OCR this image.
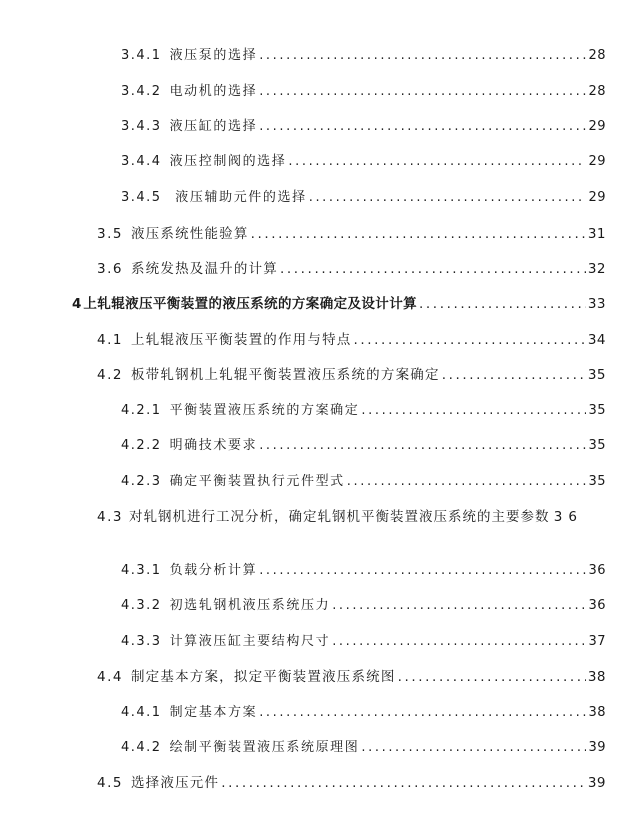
3.4.1 液压泵的选择 .....	28
3.4.2 电动机的选择 .....	28
3.4.3 液压缸的选择 .....	29
3.4.4 液压控制阀的选择 .....	29
3.4.5 液压辅助元件的选择 .....	29
3.5 液压系统性能验算 .....	31
3.6 系统发热及温升的计算 .....	32
4 上轧辊液压平衡装置的液压系统的方案确定及设计计算 .....	33
4.1 上轧辊液压平衡装置的作用与特点 .....	34
4.2 板带轧钢机上轧辊平衡装置液压系统的方案确定 .....	35
4.2.1 平衡装置液压系统的方案确定 .....	35
4.2.2 明确技术要求 .....	35
4.2.3 确定平衡装置执行元件型式 .....	35
4.3 对轧钢机进行工况分析，确定轧钢机平衡装置液压系统的主要参数 36
4.3.1 负载分析计算 .....	36
4.3.2 初选轧钢机液压系统压力 .....	36
4.3.3 计算液压缸主要结构尺寸 .....	37
4.4 制定基本方案，拟定平衡装置液压系统图 .....	38
4.4.1 制定基本方案 .....	38
4.4.2 绘制平衡装置液压系统原理图 .....	39
4.5 选择液压元件 .....	39
